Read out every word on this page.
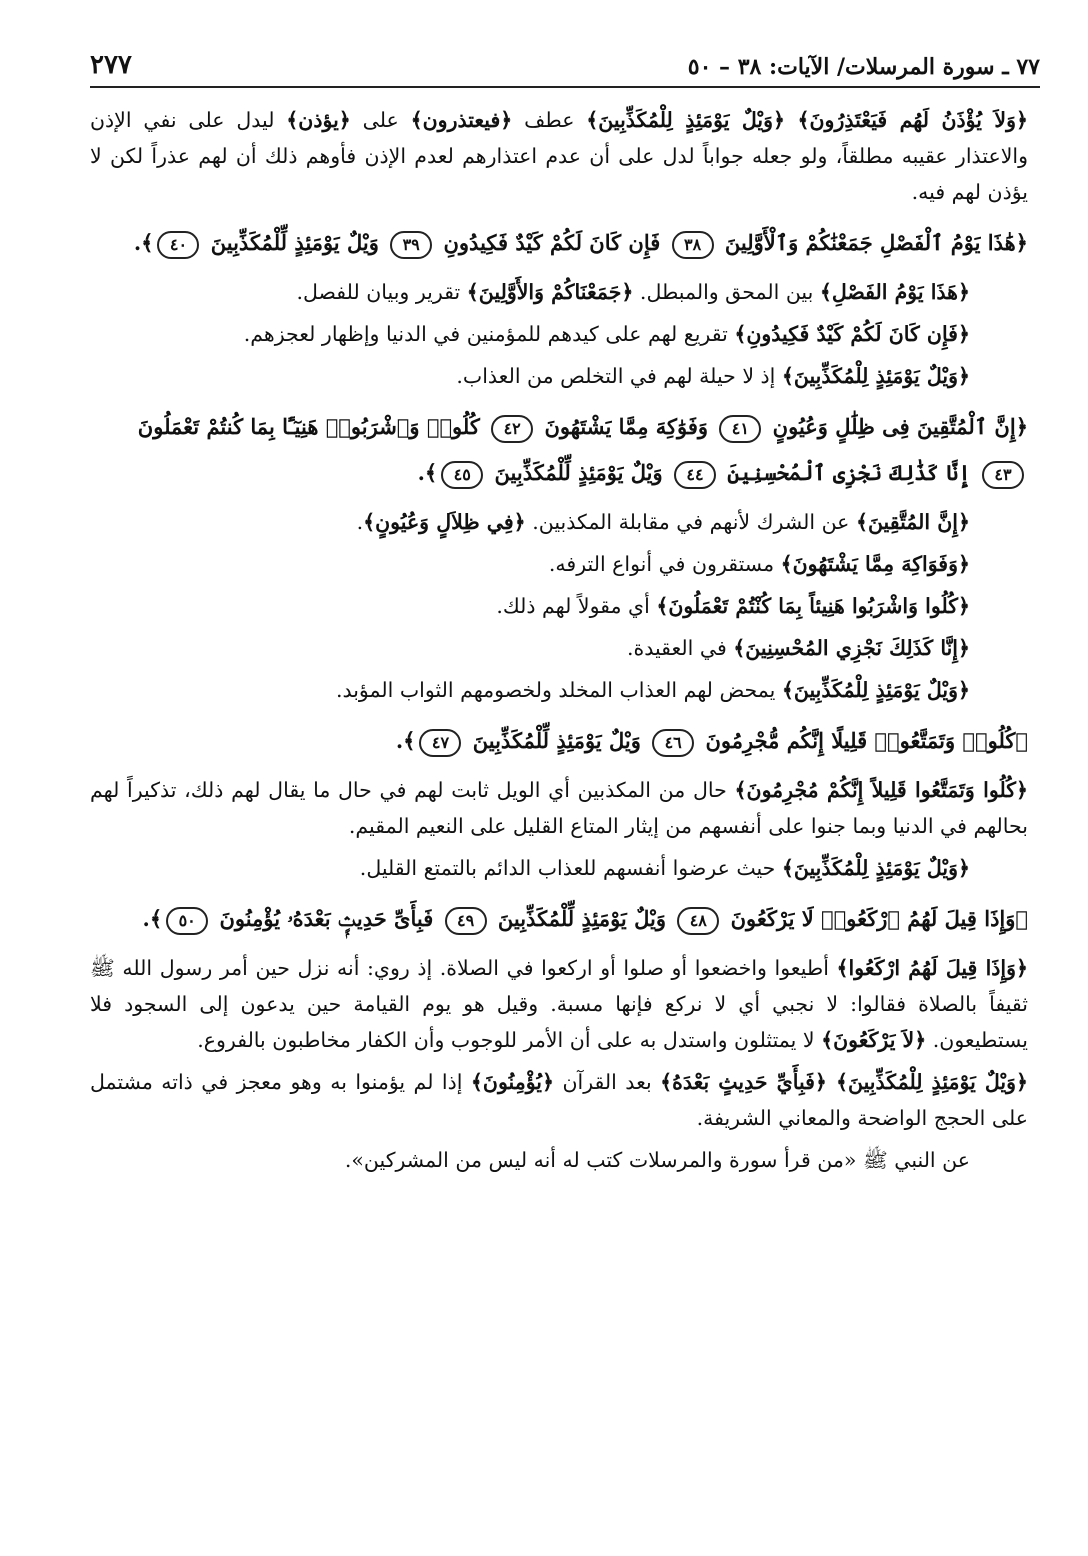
٧٧ ـ سورة المرسلات/ الآيات: ٣٨ – ٥٠
٢٧٧

﴿وَلاَ يُؤْذَنُ لَهُم فَيَعْتَذِرُونَ﴾ ﴿وَيْلٌ يَوْمَئِذٍ لِلْمُكَذِّبِينَ﴾ عطف ﴿فيعتذرون﴾ على ﴿يؤذن﴾ ليدل على نفي الإذن والاعتذار عقيبه مطلقاً، ولو جعله جواباً لدل على أن عدم اعتذارهم لعدم الإذن فأوهم ذلك أن لهم عذراً لكن لا يؤذن لهم فيه.

﴿هَٰذَا يَوْمُ ٱلْفَصْلِ جَمَعْنَٰكُمْ وَٱلْأَوَّلِينَ ٣٨ فَإِن كَانَ لَكُمْ كَيْدٌ فَكِيدُونِ ٣٩ وَيْلٌ يَوْمَئِذٍ لِّلْمُكَذِّبِينَ ٤٠﴾.

﴿هَذَا يَوْمُ الفَصْلِ﴾ بين المحق والمبطل. ﴿جَمَعْنَاكُمْ وَالأَوَّلِينَ﴾ تقرير وبيان للفصل.

﴿فَإِن كَانَ لَكُمْ كَيْدٌ فَكِيدُونِ﴾ تقريع لهم على كيدهم للمؤمنين في الدنيا وإظهار لعجزهم.

﴿وَيْلٌ يَوْمَئِذٍ لِلْمُكَذِّبِينَ﴾ إذ لا حيلة لهم في التخلص من العذاب.

﴿إِنَّ ٱلْمُتَّقِينَ فِى ظِلَٰلٍ وَعُيُونٍ ٤١ وَفَوَٰكِهَ مِمَّا يَشْتَهُونَ ٤٢ كُلُوا۟ وَٱشْرَبُوا۟ هَنِيٓـًٔا بِمَا كُنتُمْ تَعْمَلُونَ ٤٣ إِنَّا كَذَٰلِكَ نَجْزِى ٱلْمُحْسِنِينَ ٤٤ وَيْلٌ يَوْمَئِذٍ لِّلْمُكَذِّبِينَ ٤٥﴾.

﴿إِنَّ المُتَّقِينَ﴾ عن الشرك لأنهم في مقابلة المكذبين. ﴿فِي ظِلاَلٍ وَعُيُونٍ﴾.

﴿وَفَوَاكِهَ مِمَّا يَشْتَهُونَ﴾ مستقرون في أنواع الترفه.

﴿كُلُوا وَاشْرَبُوا هَنِيئاً بِمَا كُنْتُمْ تَعْمَلُونَ﴾ أي مقولاً لهم ذلك.

﴿إِنَّا كَذَلِكَ نَجْزِي المُحْسِنِينَ﴾ في العقيدة.

﴿وَيْلٌ يَوْمَئِذٍ لِلْمُكَذِّبِينَ﴾ يمحض لهم العذاب المخلد ولخصومهم الثواب المؤبد.

﴿كُلُوا۟ وَتَمَتَّعُوا۟ قَلِيلًا إِنَّكُم مُّجْرِمُونَ ٤٦ وَيْلٌ يَوْمَئِذٍ لِّلْمُكَذِّبِينَ ٤٧﴾.

﴿كُلُوا وَتَمَتَّعُوا قَلِيلاً إِنَّكُمْ مُجْرِمُونَ﴾ حال من المكذبين أي الويل ثابت لهم في حال ما يقال لهم ذلك، تذكيراً لهم بحالهم في الدنيا وبما جنوا على أنفسهم من إيثار المتاع القليل على النعيم المقيم.

﴿وَيْلٌ يَوْمَئِذٍ لِلْمُكَذِّبِينَ﴾ حيث عرضوا أنفسهم للعذاب الدائم بالتمتع القليل.

﴿وَإِذَا قِيلَ لَهُمُ ٱرْكَعُوا۟ لَا يَرْكَعُونَ ٤٨ وَيْلٌ يَوْمَئِذٍ لِّلْمُكَذِّبِينَ ٤٩ فَبِأَىِّ حَدِيثٍۭ بَعْدَهُۥ يُؤْمِنُونَ ٥٠﴾.

﴿وَإِذَا قِيلَ لَهُمُ ارْكَعُوا﴾ أطيعوا واخضعوا أو صلوا أو اركعوا في الصلاة. إذ روي: أنه نزل حين أمر رسول الله ﷺ ثقيفاً بالصلاة فقالوا: لا نجبي أي لا نركع فإنها مسبة. وقيل هو يوم القيامة حين يدعون إلى السجود فلا يستطيعون. ﴿لاَ يَرْكَعُونَ﴾ لا يمتثلون واستدل به على أن الأمر للوجوب وأن الكفار مخاطبون بالفروع.

﴿وَيْلٌ يَوْمَئِذٍ لِلْمُكَذِّبِينَ﴾ ﴿فَبِأَيِّ حَدِيثٍ بَعْدَهُ﴾ بعد القرآن ﴿يُؤْمِنُونَ﴾ إذا لم يؤمنوا به وهو معجز في ذاته مشتمل على الحجج الواضحة والمعاني الشريفة.

عن النبي ﷺ «من قرأ سورة والمرسلات كتب له أنه ليس من المشركين».
